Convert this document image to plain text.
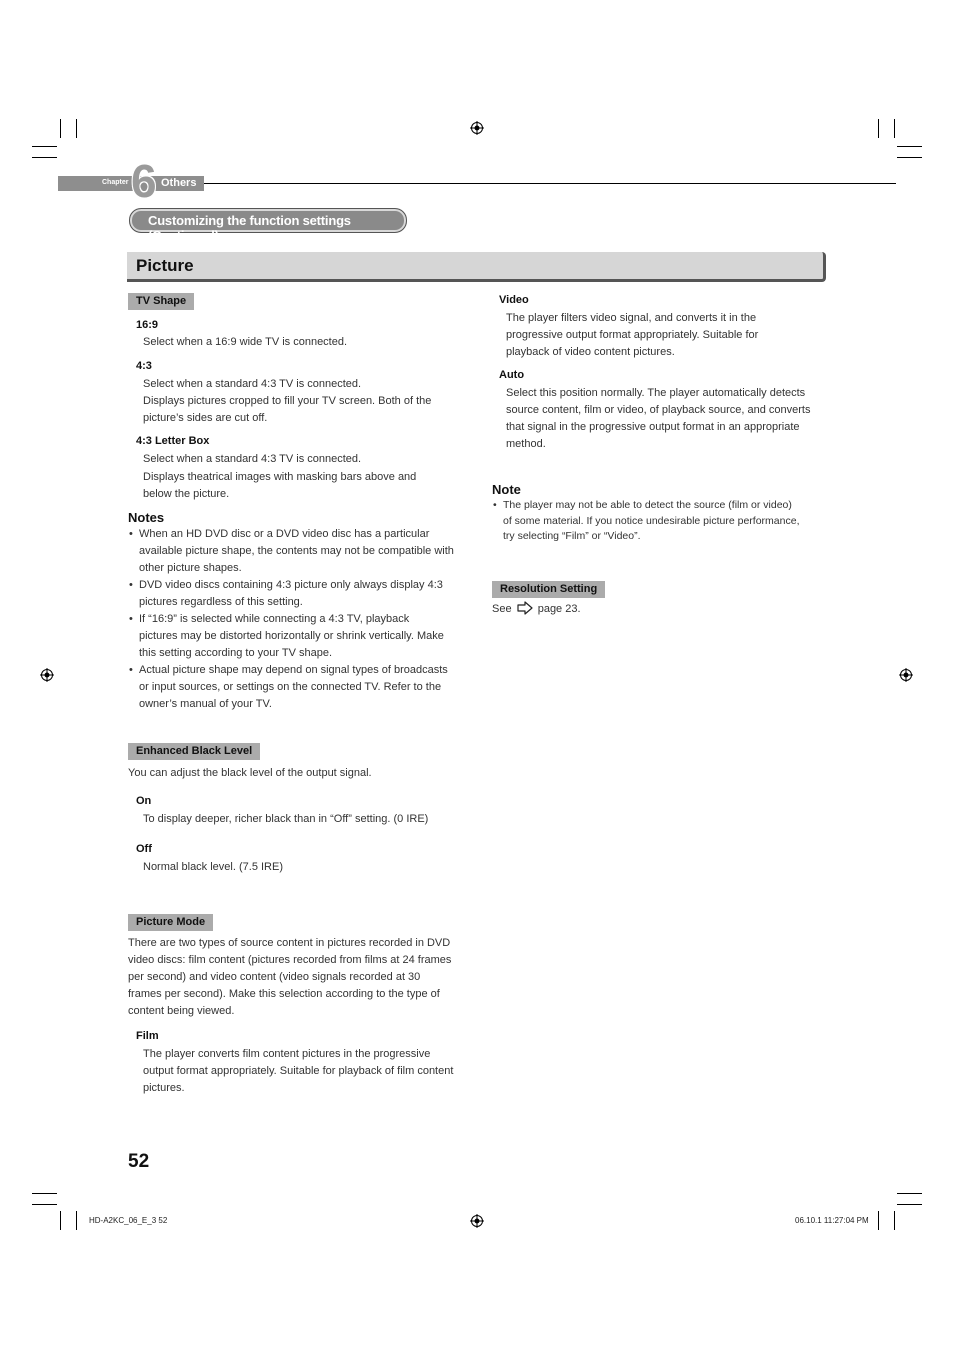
Chapter 6 Others
Customizing the function settings (Continued)
Picture
TV Shape
16:9
Select when a 16:9 wide TV is connected.
4:3
Select when a standard 4:3 TV is connected.
Displays pictures cropped to fill your TV screen. Both of the picture’s sides are cut off.
4:3 Letter Box
Select when a standard 4:3 TV is connected.
Displays theatrical images with masking bars above and below the picture.
Notes
• When an HD DVD disc or a DVD video disc has a particular available picture shape, the contents may not be compatible with other picture shapes.
• DVD video discs containing 4:3 picture only always display 4:3 pictures regardless of this setting.
• If “16:9” is selected while connecting a 4:3 TV, playback pictures may be distorted horizontally or shrink vertically. Make this setting according to your TV shape.
• Actual picture shape may depend on signal types of broadcasts or input sources, or settings on the connected TV. Refer to the owner’s manual of your TV.
Enhanced Black Level
You can adjust the black level of the output signal.
On
To display deeper, richer black than in “Off” setting. (0 IRE)
Off
Normal black level. (7.5 IRE)
Picture Mode
There are two types of source content in pictures recorded in DVD video discs: film content (pictures recorded from films at 24 frames per second) and video content (video signals recorded at 30 frames per second). Make this selection according to the type of content being viewed.
Film
The player converts film content pictures in the progressive output format appropriately. Suitable for playback of film content pictures.
Video
The player filters video signal, and converts it in the progressive output format appropriately. Suitable for playback of video content pictures.
Auto
Select this position normally. The player automatically detects source content, film or video, of playback source, and converts that signal in the progressive output format in an appropriate method.
Note
• The player may not be able to detect the source (film or video) of some material. If you notice undesirable picture performance, try selecting “Film” or “Video”.
Resolution Setting
See page 23.
52
HD-A2KC_06_E_3 52	06.10.1 11:27:04 PM
